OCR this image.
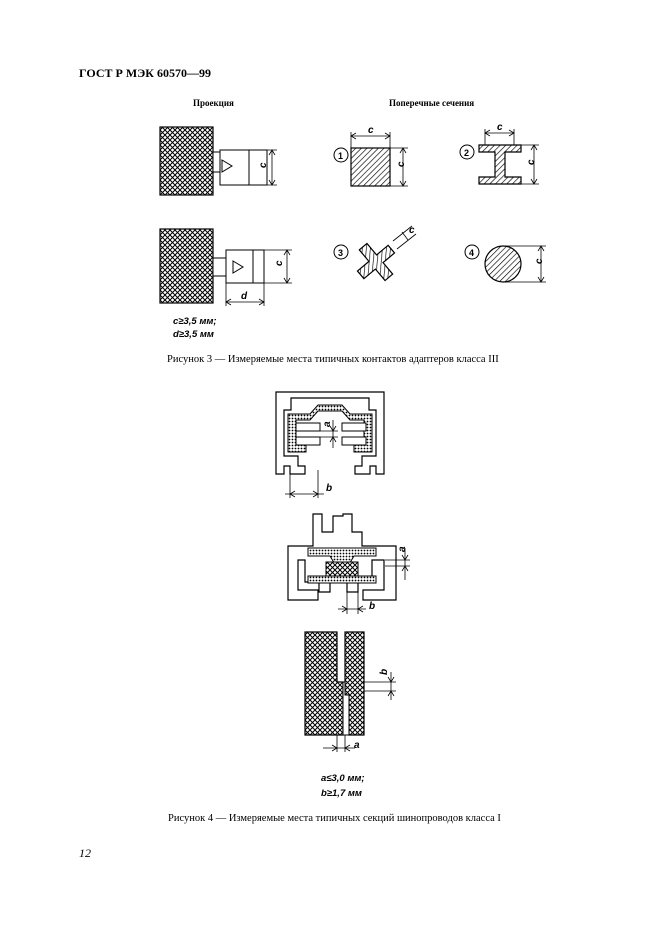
ГОСТ Р МЭК 60570—99
Проекция	Поперечные сечения
c
c
d
c
c
c
c
c
c
1	2
3	4
c≥3,5 мм;
d≥3,5 мм
Рисунок 3 — Измеряемые места типичных контактов адаптеров класса III
a
b
a
b
b
a
a≤3,0 мм;
b≥1,7 мм
Рисунок 4 — Измеряемые места типичных секций шинопроводов класса I
12
